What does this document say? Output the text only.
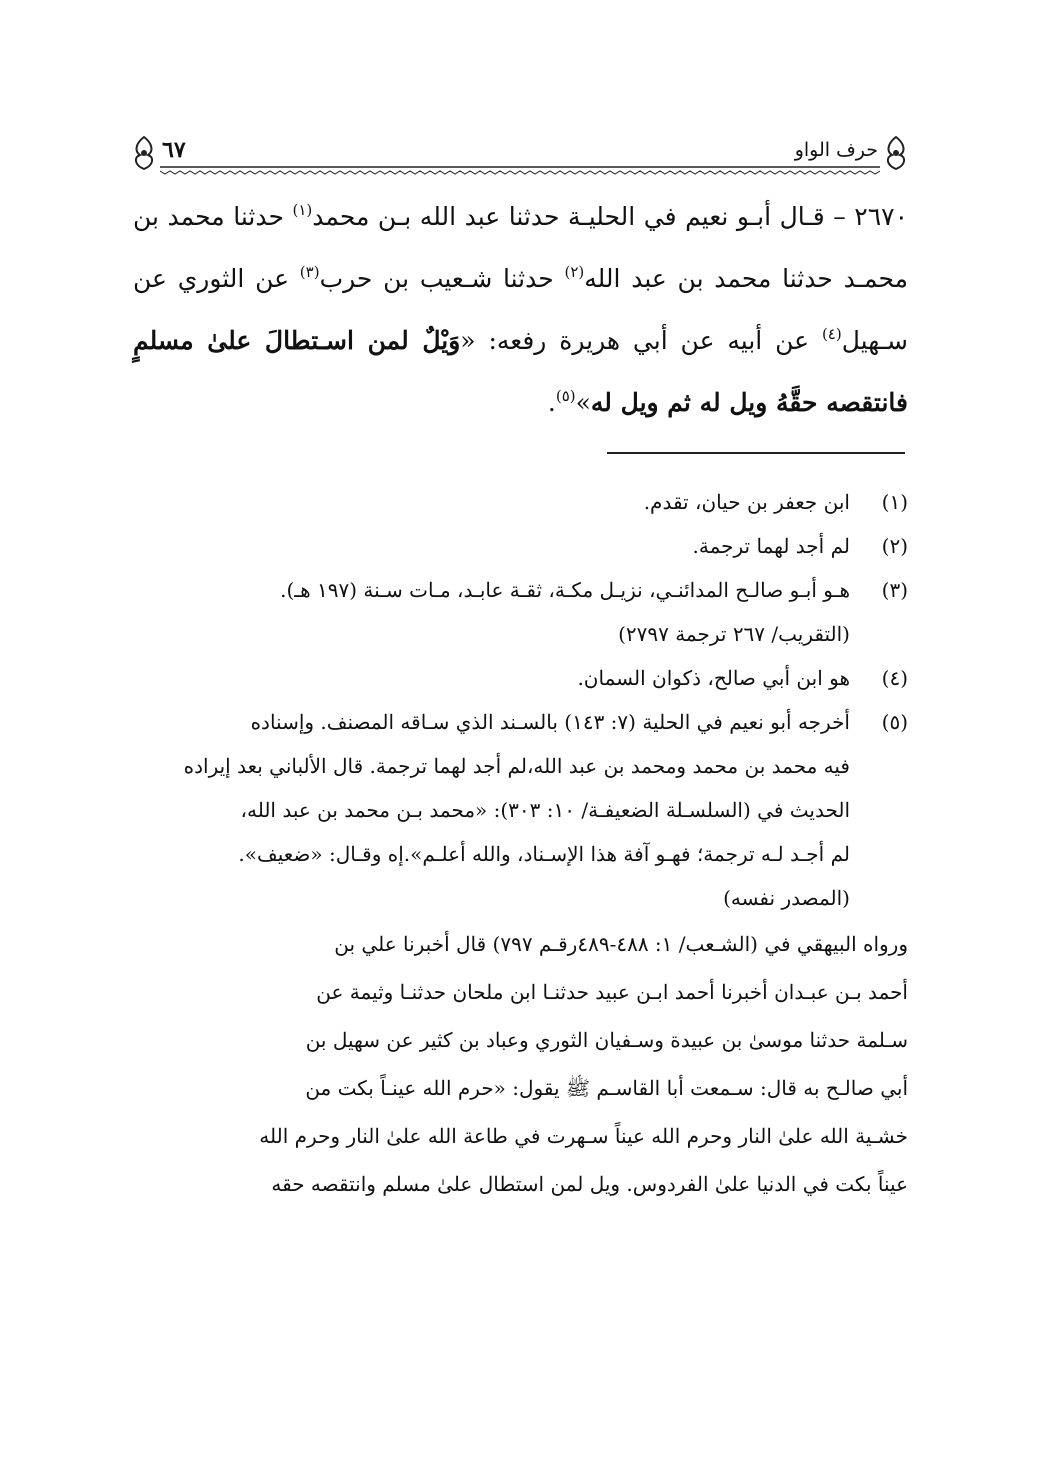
٦٧	حرف الواو

٢٦٧٠ – قـال أبـو نعيم في الحليـة حدثنا عبد الله بـن محمد$^{(١)}$ حدثنا محمد بن محمـد حدثنا محمد بن عبد الله$^{(٢)}$ حدثنا شـعيب بن حرب$^{(٣)}$ عن الثوري عن سـهيل$^{(٤)}$ عن أبيه عن أبي هريرة رفعه: «وَيْلٌ لمن اسـتطالَ علىٰ مسلمٍ فانتقصه حقَّهُ ويل له ثم ويل له»$^{(٥)}$.

(١)
ابن جعفر بن حيان، تقدم.
(٢)
لم أجد لهما ترجمة.
(٣)
هـو أبـو صالـح المدائنـي، نزيـل مكـة، ثقـة عابـد، مـات سـنة (١٩٧ هـ).
(التقريب/ ٢٦٧ ترجمة ٢٧٩٧)
(٤)
هو ابن أبي صالح، ذكوان السمان.
(٥)
أخرجه أبو نعيم في الحلية (٧: ١٤٣) بالسـند الذي سـاقه المصنف. وإسناده
فيه محمد بن محمد ومحمد بن عبد الله،لم أجد لهما ترجمة. قال الألباني بعد إيراده
الحديث في (السلسـلة الضعيفـة/ ١٠: ٣٠٣): «محمد بـن محمد بن عبد الله،
لم أجـد لـه ترجمة؛ فهـو آفة هذا الإسـناد، والله أعلـم».إه وقـال: «ضعيف».
(المصدر نفسه)
ورواه البيهقي في (الشـعب/ ١: ٤٨٨-٤٨٩رقـم ٧٩٧) قال أخبرنا علي بن
أحمد بـن عبـدان أخبرنا أحمد ابـن عبيد حدثنـا ابن ملحان حدثنـا وثيمة عن
سـلمة حدثنا موسىٰ بن عبيدة وسـفيان الثوري وعباد بن كثير عن سهيل بن
أبي صالـح به قال: سـمعت أبا القاسـم ﷺ يقول: «حرم الله عينـاً بكت من
خشـية الله علىٰ النار وحرم الله عيناً سـهرت في طاعة الله علىٰ النار وحرم الله
عيناً بكت في الدنيا علىٰ الفردوس. ويل لمن استطال علىٰ مسلم وانتقصه حقه
